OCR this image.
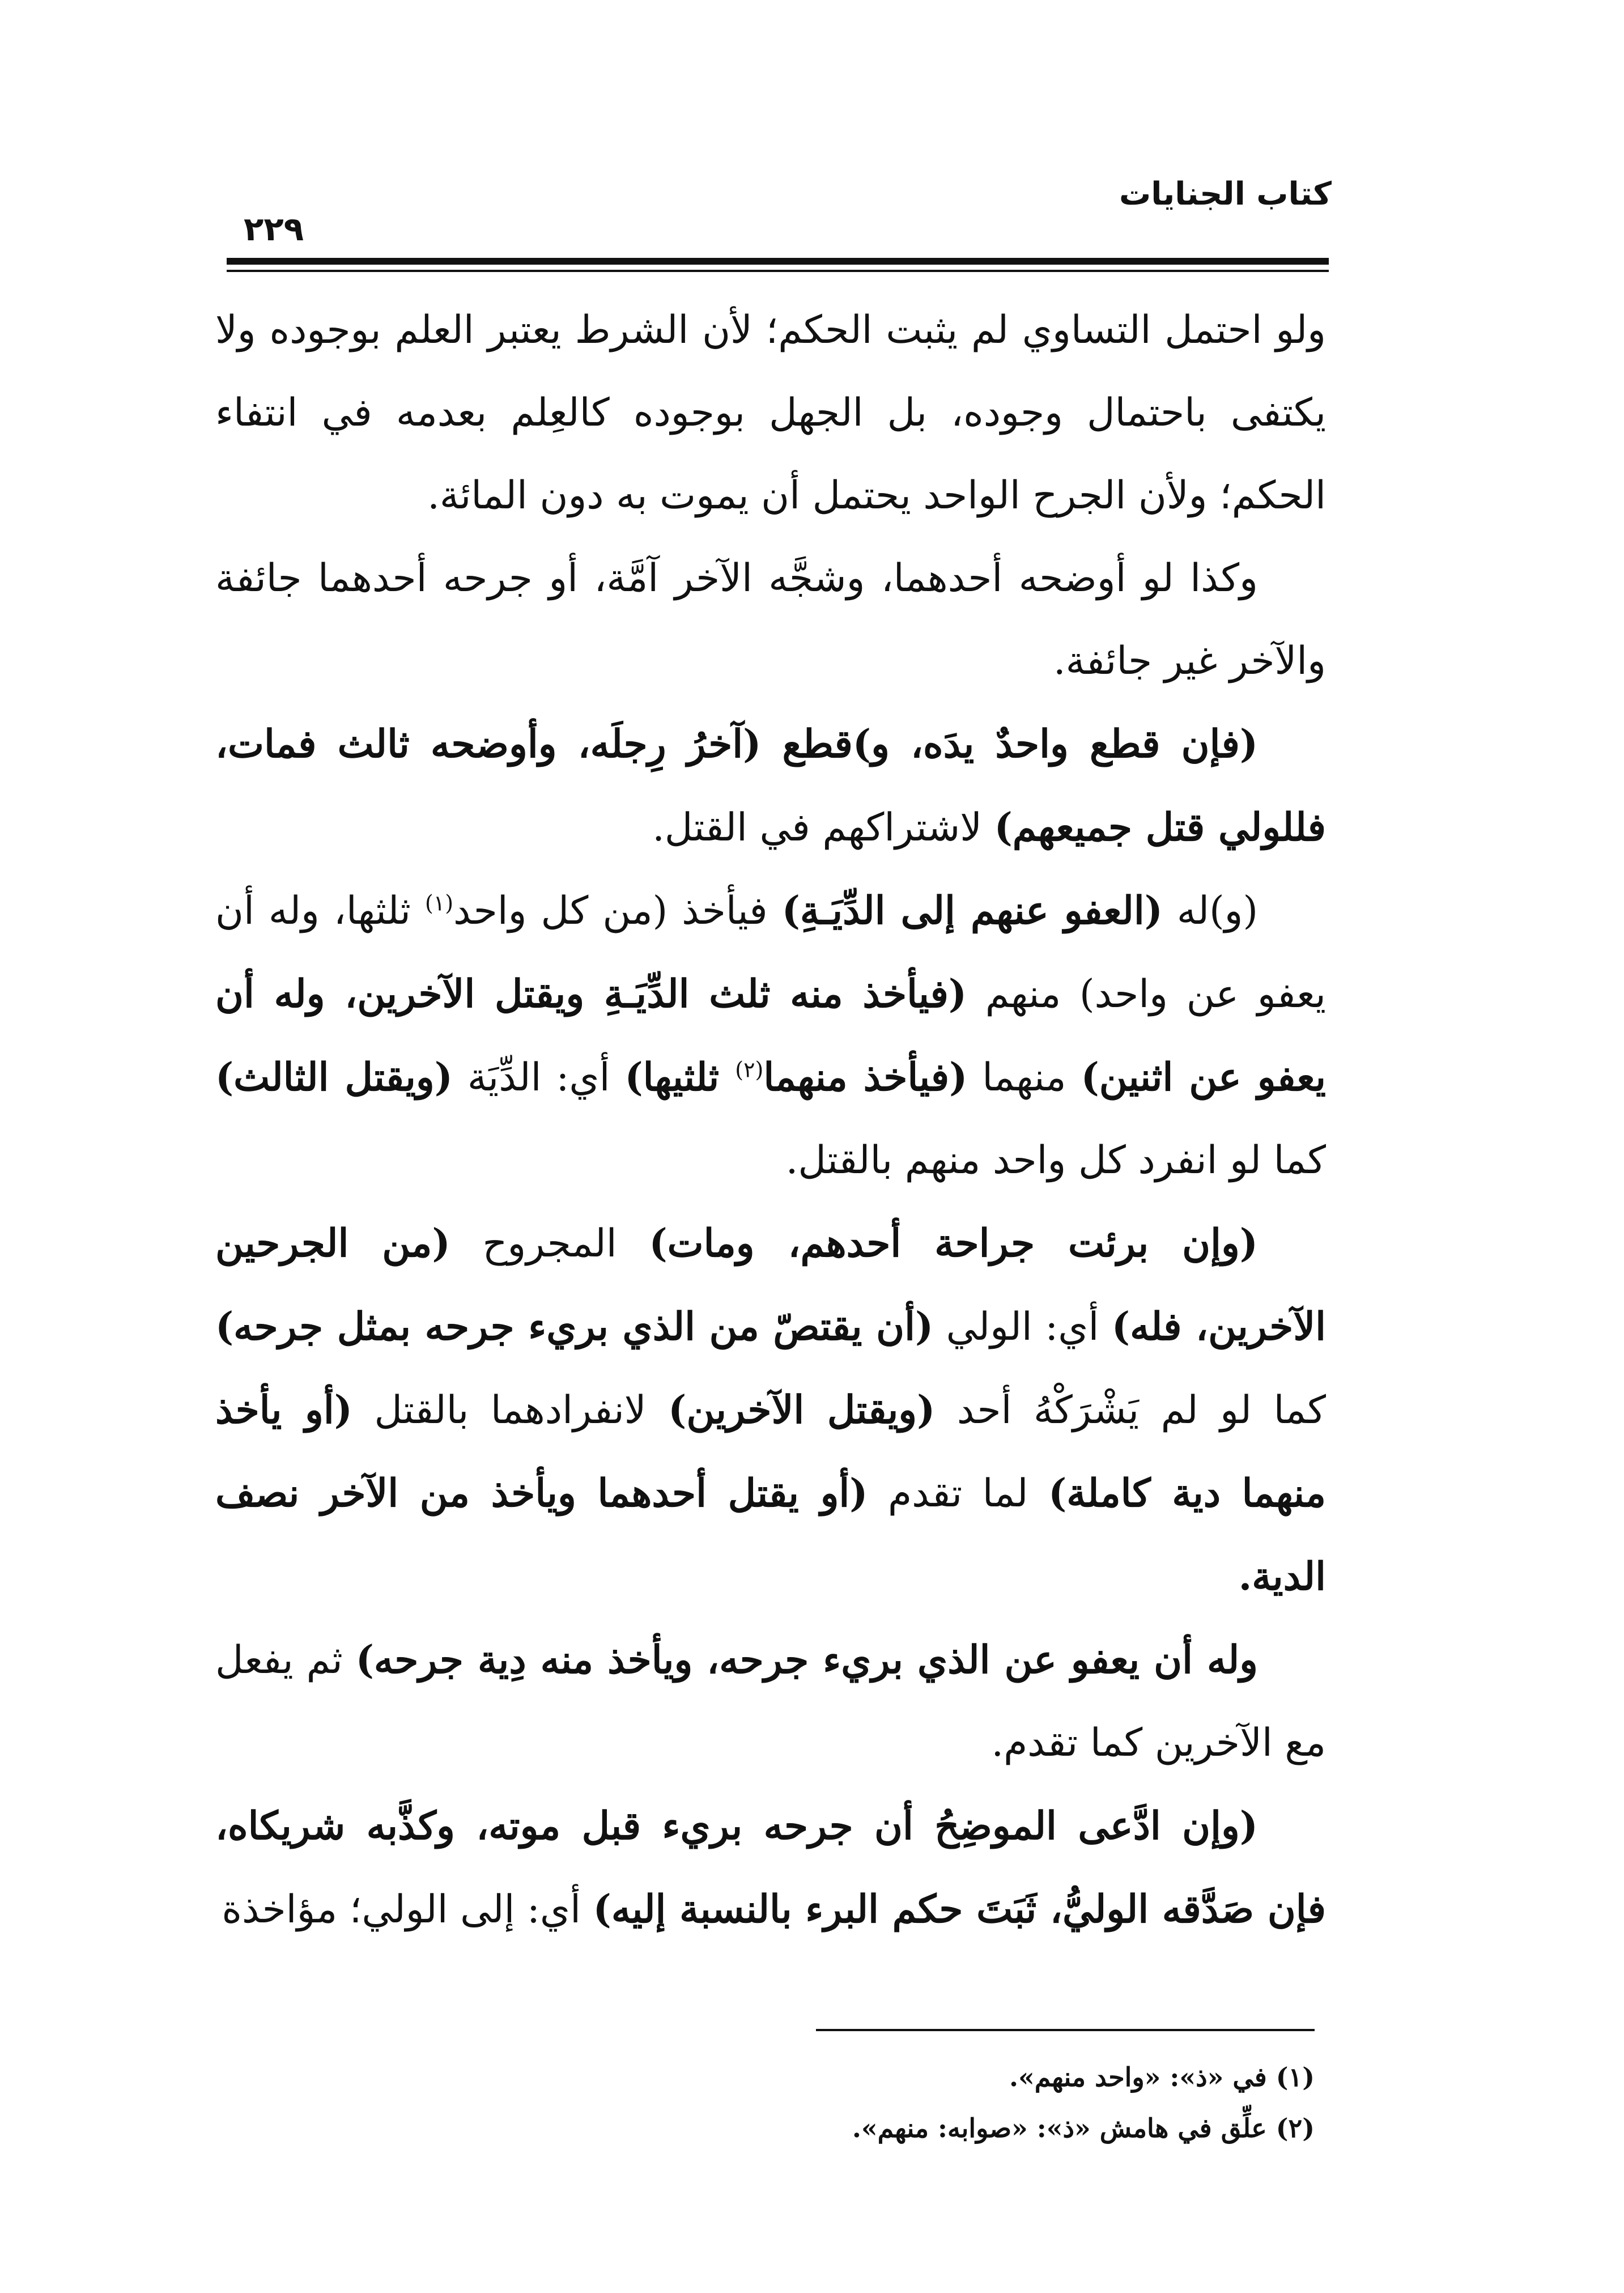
كتاب الجنايات
٢٢٩

ولو احتمل التساوي لم يثبت الحكم؛ لأن الشرط يعتبر العلم بوجوده ولا يكتفى باحتمال وجوده، بل الجهل بوجوده كالعِلم بعدمه في انتفاء الحكم؛ ولأن الجرح الواحد يحتمل أن يموت به دون المائة.

وكذا لو أوضحه أحدهما، وشجَّه الآخر آمَّة، أو جرحه أحدهما جائفة والآخر غير جائفة.

(فإن قطع واحدٌ يدَه، و)قطع (آخرُ رِجلَه، وأوضحه ثالث فمات، فللولي قتل جميعهم) لاشتراكهم في القتل.

(و)له (العفو عنهم إلى الدِّيَـةِ) فيأخذ (من كل واحد$^{(١)}$ ثلثها، وله أن يعفو عن واحد) منهم (فيأخذ منه ثلث الدِّيَـةِ ويقتل الآخرين، وله أن يعفو عن اثنين) منهما (فيأخذ منهما$^{(٢)}$ ثلثيها) أي: الدِّيَة (ويقتل الثالث) كما لو انفرد كل واحد منهم بالقتل.

(وإن برئت جراحة أحدهم، ومات) المجروح (من الجرحين الآخرين، فله) أي: الولي (أن يقتصّ من الذي بريء جرحه بمثل جرحه) كما لو لم يَشْرَكْهُ أحد (ويقتل الآخرين) لانفرادهما بالقتل (أو يأخذ منهما دية كاملة) لما تقدم (أو يقتل أحدهما ويأخذ من الآخر نصف الدية.

وله أن يعفو عن الذي بريء جرحه، ويأخذ منه دِية جرحه) ثم يفعل مع الآخرين كما تقدم.

(وإن ادَّعى الموضِحُ أن جرحه بريء قبل موته، وكذَّبه شريكاه، فإن صَدَّقه الوليُّ، ثَبَتَ حكم البرء بالنسبة إليه) أي: إلى الولي؛ مؤاخذة

(١) في «ذ»: «واحد منهم».

(٢) علِّق في هامش «ذ»: «صوابه: منهم».
